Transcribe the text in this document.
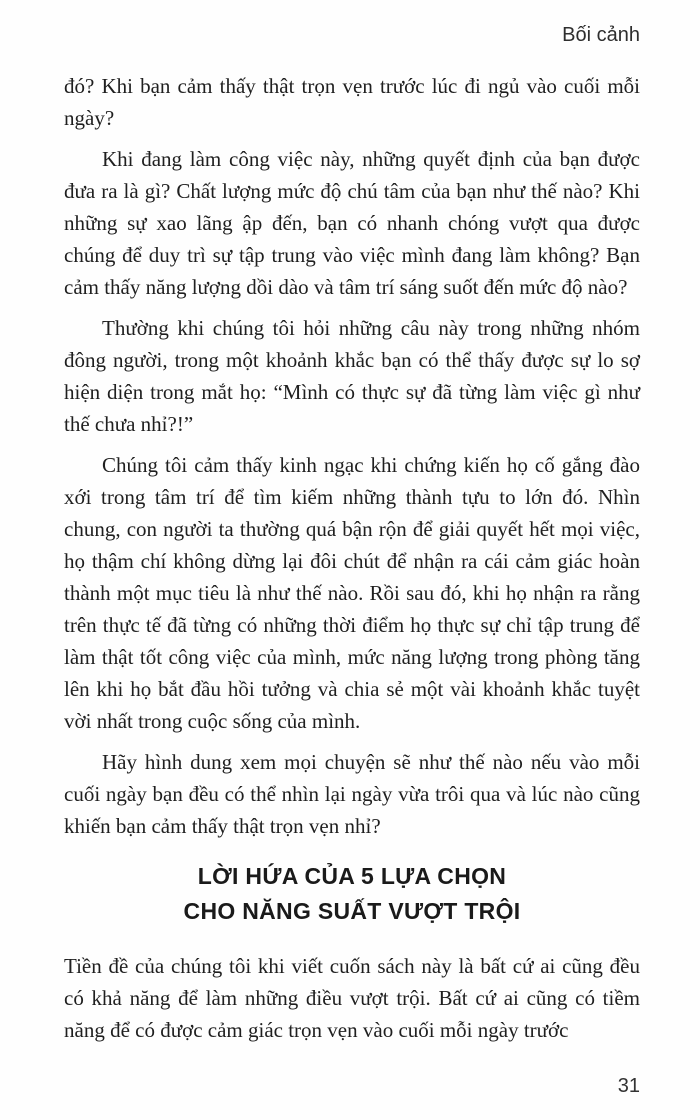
Bối cảnh

đó? Khi bạn cảm thấy thật trọn vẹn trước lúc đi ngủ vào cuối mỗi ngày?

Khi đang làm công việc này, những quyết định của bạn được đưa ra là gì? Chất lượng mức độ chú tâm của bạn như thế nào? Khi những sự xao lãng ập đến, bạn có nhanh chóng vượt qua được chúng để duy trì sự tập trung vào việc mình đang làm không? Bạn cảm thấy năng lượng dồi dào và tâm trí sáng suốt đến mức độ nào?

Thường khi chúng tôi hỏi những câu này trong những nhóm đông người, trong một khoảnh khắc bạn có thể thấy được sự lo sợ hiện diện trong mắt họ: “Mình có thực sự đã từng làm việc gì như thế chưa nhỉ?!”

Chúng tôi cảm thấy kinh ngạc khi chứng kiến họ cố gắng đào xới trong tâm trí để tìm kiếm những thành tựu to lớn đó. Nhìn chung, con người ta thường quá bận rộn để giải quyết hết mọi việc, họ thậm chí không dừng lại đôi chút để nhận ra cái cảm giác hoàn thành một mục tiêu là như thế nào. Rồi sau đó, khi họ nhận ra rằng trên thực tế đã từng có những thời điểm họ thực sự chỉ tập trung để làm thật tốt công việc của mình, mức năng lượng trong phòng tăng lên khi họ bắt đầu hồi tưởng và chia sẻ một vài khoảnh khắc tuyệt vời nhất trong cuộc sống của mình.

Hãy hình dung xem mọi chuyện sẽ như thế nào nếu vào mỗi cuối ngày bạn đều có thể nhìn lại ngày vừa trôi qua và lúc nào cũng khiến bạn cảm thấy thật trọn vẹn nhỉ?

LỜI HỨA CỦA 5 LỰA CHỌN
CHO NĂNG SUẤT VƯỢT TRỘI

Tiền đề của chúng tôi khi viết cuốn sách này là bất cứ ai cũng đều có khả năng để làm những điều vượt trội. Bất cứ ai cũng có tiềm năng để có được cảm giác trọn vẹn vào cuối mỗi ngày trước

31
